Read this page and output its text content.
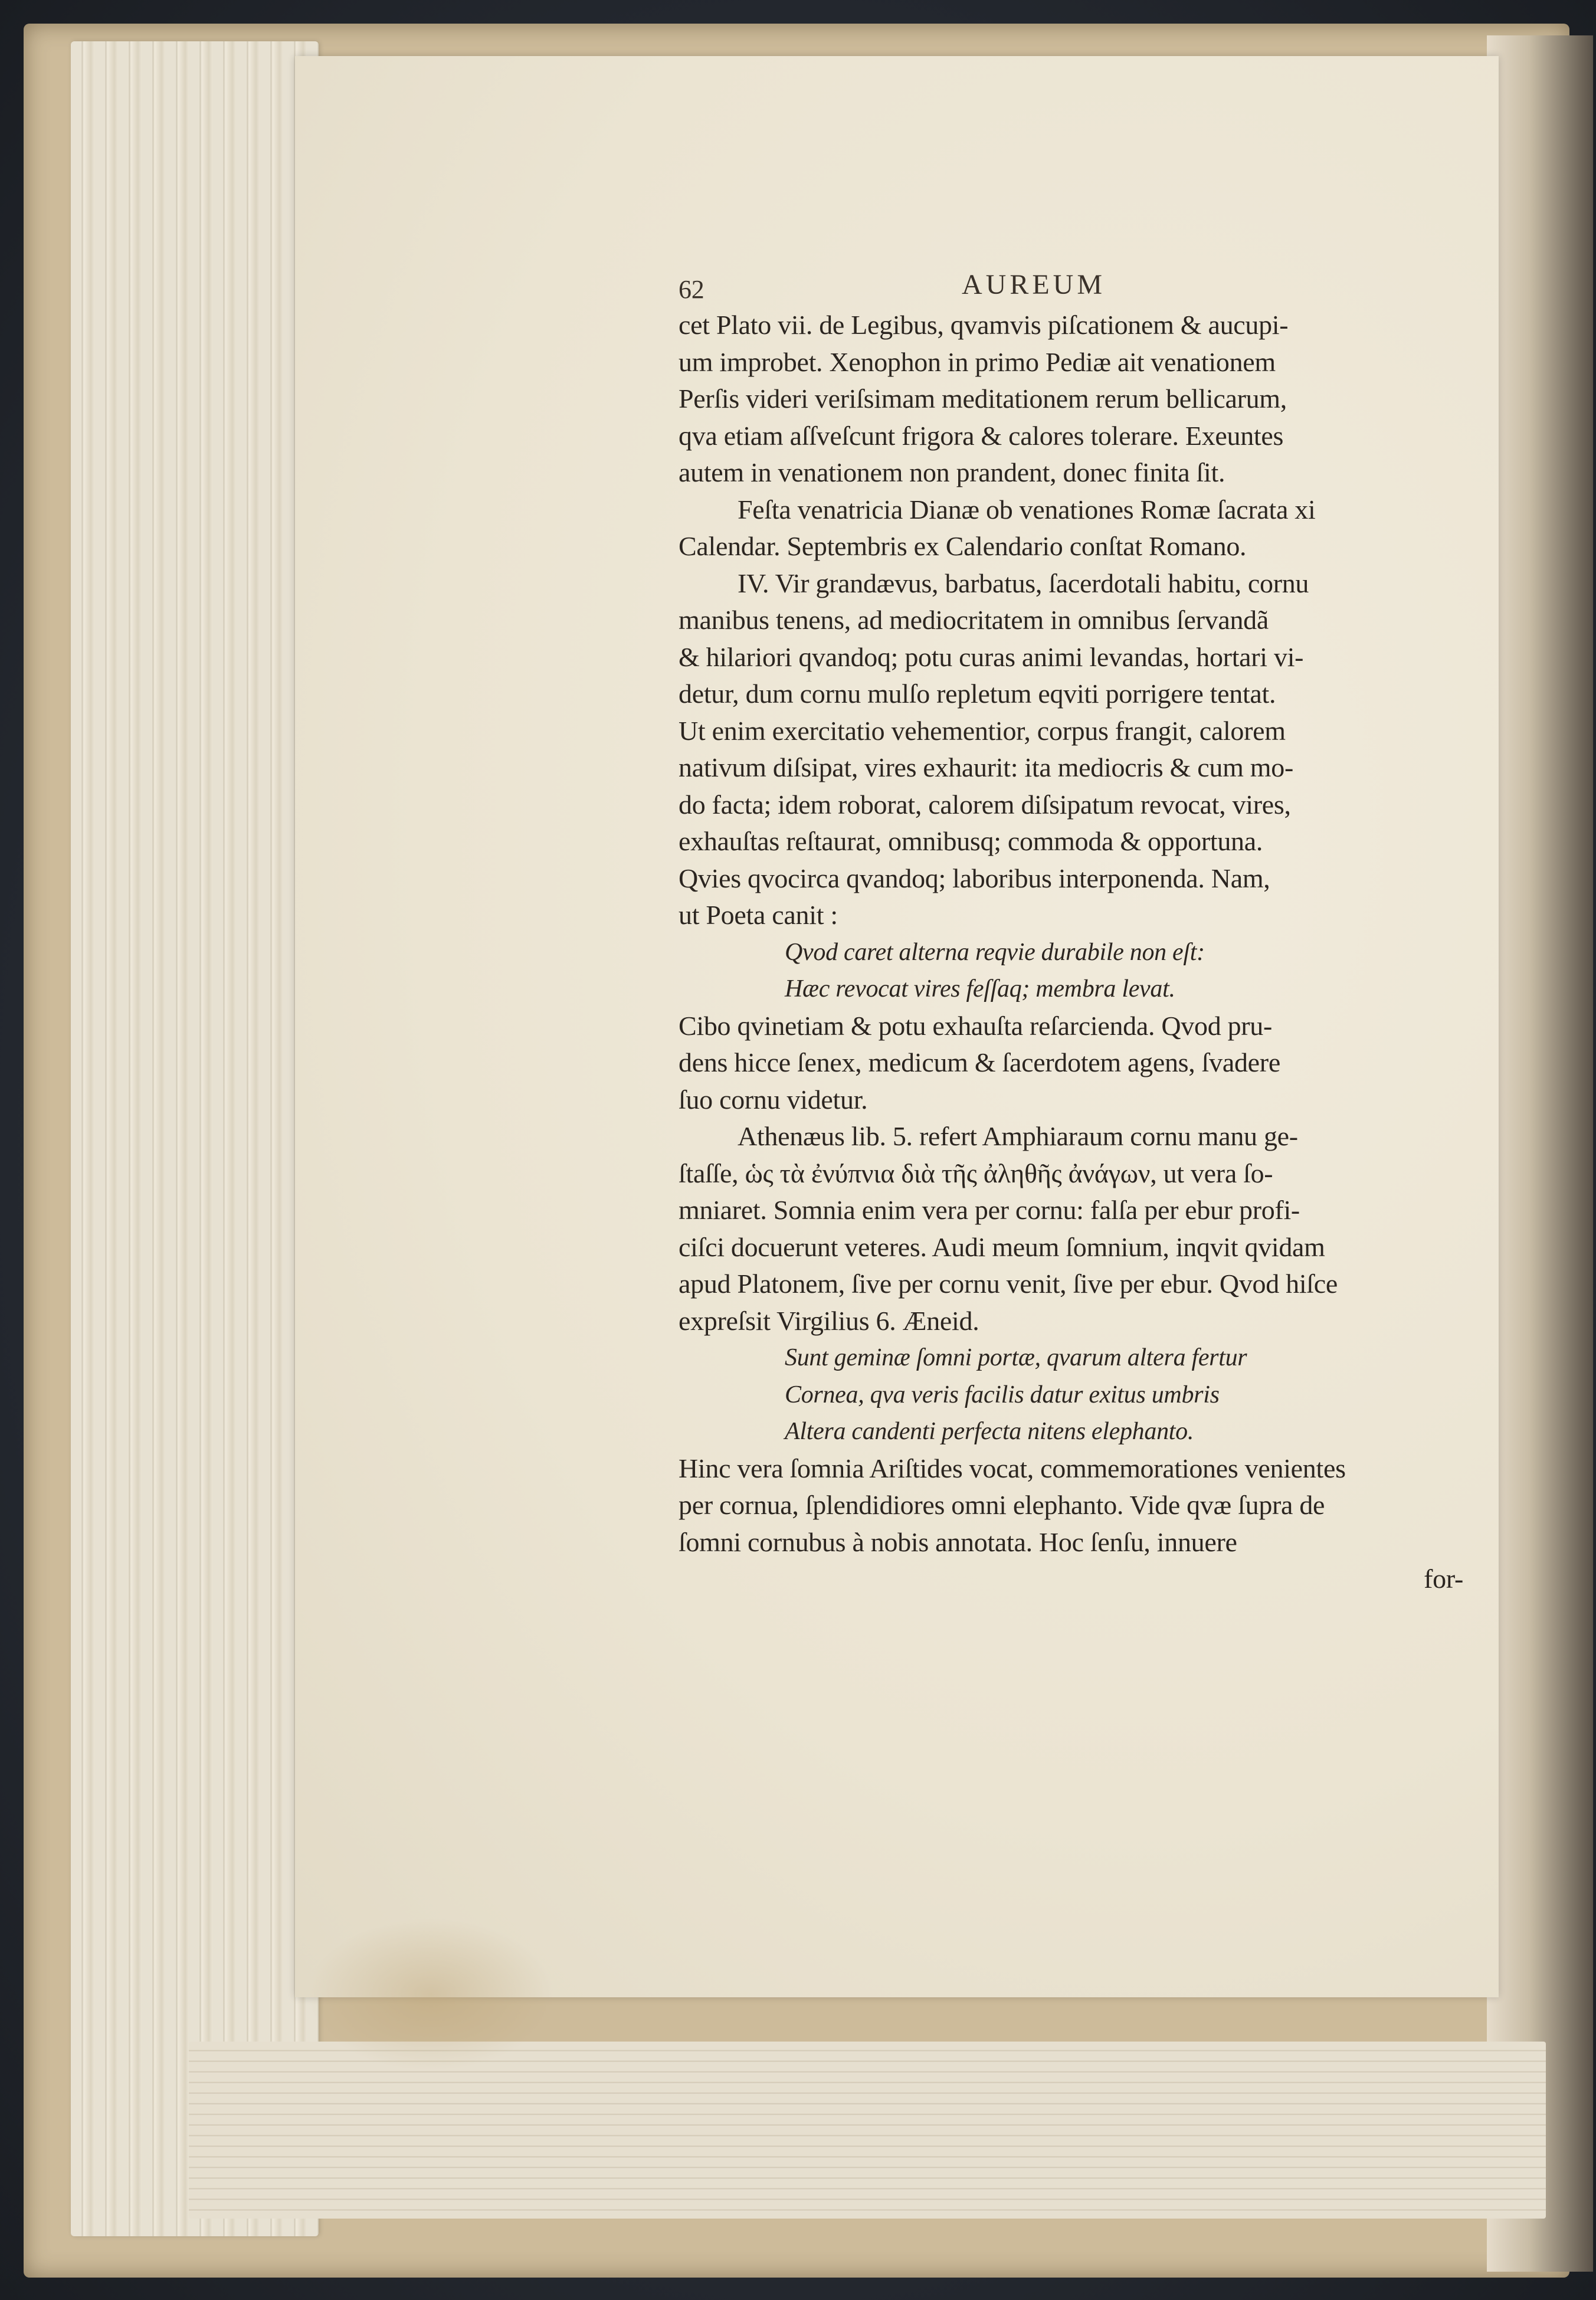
62	AUREUM
cet Plato vii. de Legibus, qvamvis piſcationem & aucupi-
um improbet. Xenophon in primo Pediæ ait venationem
Perſis videri veriſsimam meditationem rerum bellicarum,
qva etiam aſſveſcunt frigora & calores tolerare. Exeuntes
autem in venationem non prandent, donec finita ſit.
Feſta venatricia Dianæ ob venationes Romæ ſacrata xi
Calendar. Septembris ex Calendario conſtat Romano.
IV. Vir grandævus, barbatus, ſacerdotali habitu, cornu
manibus tenens, ad mediocritatem in omnibus ſervandã
& hilariori qvandoq; potu curas animi levandas, hortari vi-
detur, dum cornu mulſo repletum eqviti porrigere tentat.
Ut enim exercitatio vehementior, corpus frangit, calorem
nativum diſsipat, vires exhaurit: ita mediocris & cum mo-
do facta; idem roborat, calorem diſsipatum revocat, vires,
exhauſtas reſtaurat, omnibusq; commoda & opportuna.
Qvies qvocirca qvandoq; laboribus interponenda. Nam,
ut Poeta canit :
Qvod caret alterna reqvie durabile non eſt:
Hæc revocat vires feſſaq; membra levat.
Cibo qvinetiam & potu exhauſta reſarcienda. Qvod pru-
dens hicce ſenex, medicum & ſacerdotem agens, ſvadere
ſuo cornu videtur.
Athenæus lib. 5. refert Amphiaraum cornu manu ge-
ſtaſſe, ὡς τὰ ἐνύπνια διὰ τῆς ἀληθῆς ἀνάγων, ut vera ſo-
mniaret. Somnia enim vera per cornu: falſa per ebur profi-
ciſci docuerunt veteres. Audi meum ſomnium, inqvit qvidam
apud Platonem, ſive per cornu venit, ſive per ebur. Qvod hiſce
expreſsit Virgilius 6. Æneid.
Sunt geminæ ſomni portæ, qvarum altera fertur
Cornea, qva veris facilis datur exitus umbris
Altera candenti perfecta nitens elephanto.
Hinc vera ſomnia Ariſtides vocat, commemorationes venientes
per cornua, ſplendidiores omni elephanto. Vide qvæ ſupra de
ſomni cornubus à nobis annotata. Hoc ſenſu, innuere
for-
